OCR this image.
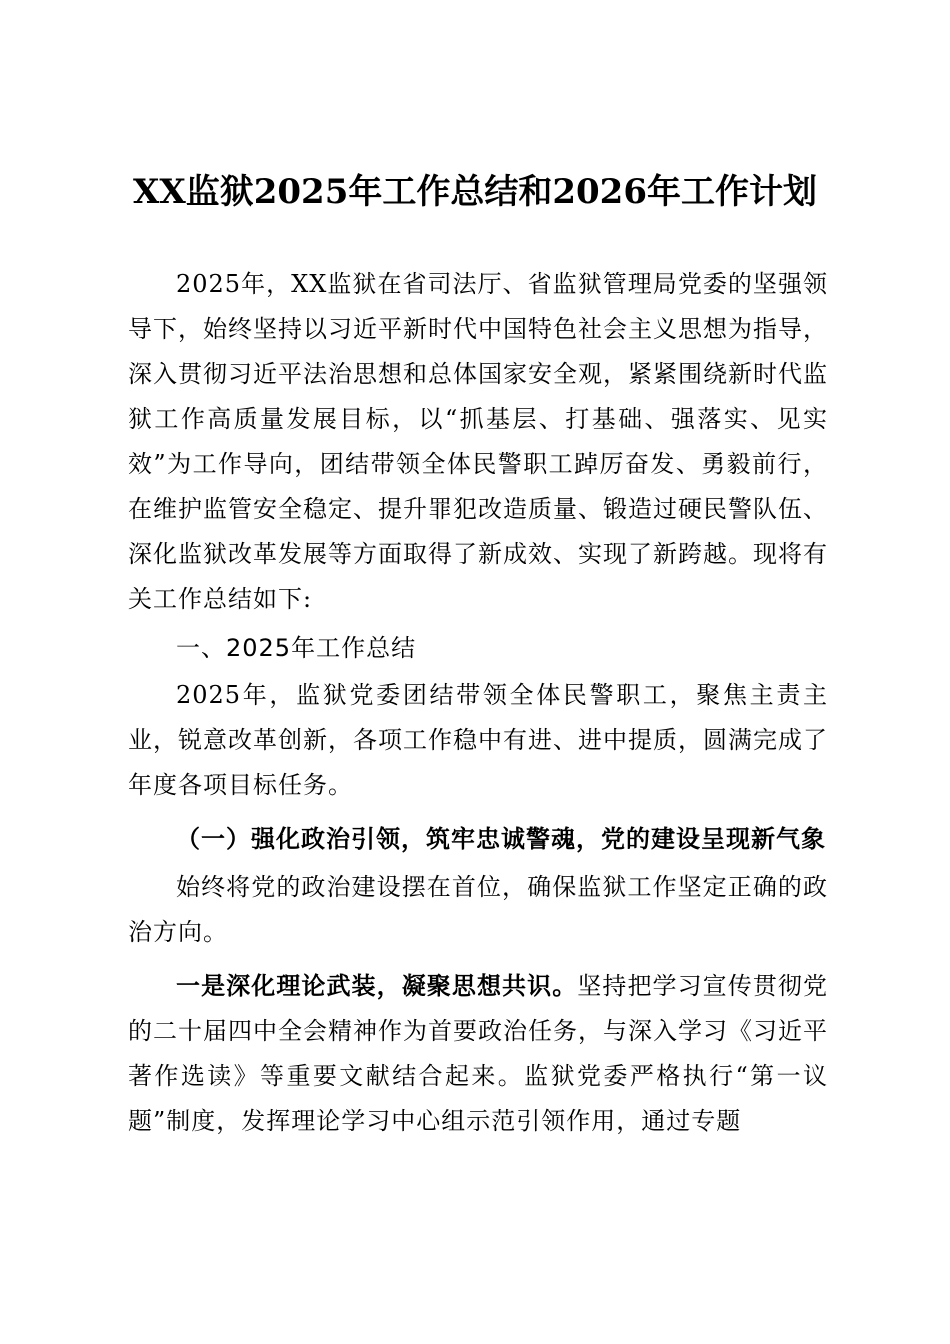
XX监狱2025年工作总结和2026年工作计划

2025年，XX监狱在省司法厅、省监狱管理局党委的坚强领导下，始终坚持以习近平新时代中国特色社会主义思想为指导，深入贯彻习近平法治思想和总体国家安全观，紧紧围绕新时代监狱工作高质量发展目标，以“抓基层、打基础、强落实、见实效”为工作导向，团结带领全体民警职工踔厉奋发、勇毅前行，在维护监管安全稳定、提升罪犯改造质量、锻造过硬民警队伍、深化监狱改革发展等方面取得了新成效、实现了新跨越。现将有关工作总结如下:

一、2025年工作总结

2025年，监狱党委团结带领全体民警职工，聚焦主责主业，锐意改革创新，各项工作稳中有进、进中提质，圆满完成了年度各项目标任务。

（一）强化政治引领，筑牢忠诚警魂，党的建设呈现新气象

始终将党的政治建设摆在首位，确保监狱工作坚定正确的政治方向。

一是深化理论武装，凝聚思想共识。坚持把学习宣传贯彻党的二十届四中全会精神作为首要政治任务，与深入学习《习近平著作选读》等重要文献结合起来。监狱党委严格执行“第一议题”制度，发挥理论学习中心组示范引领作用，通过专题
